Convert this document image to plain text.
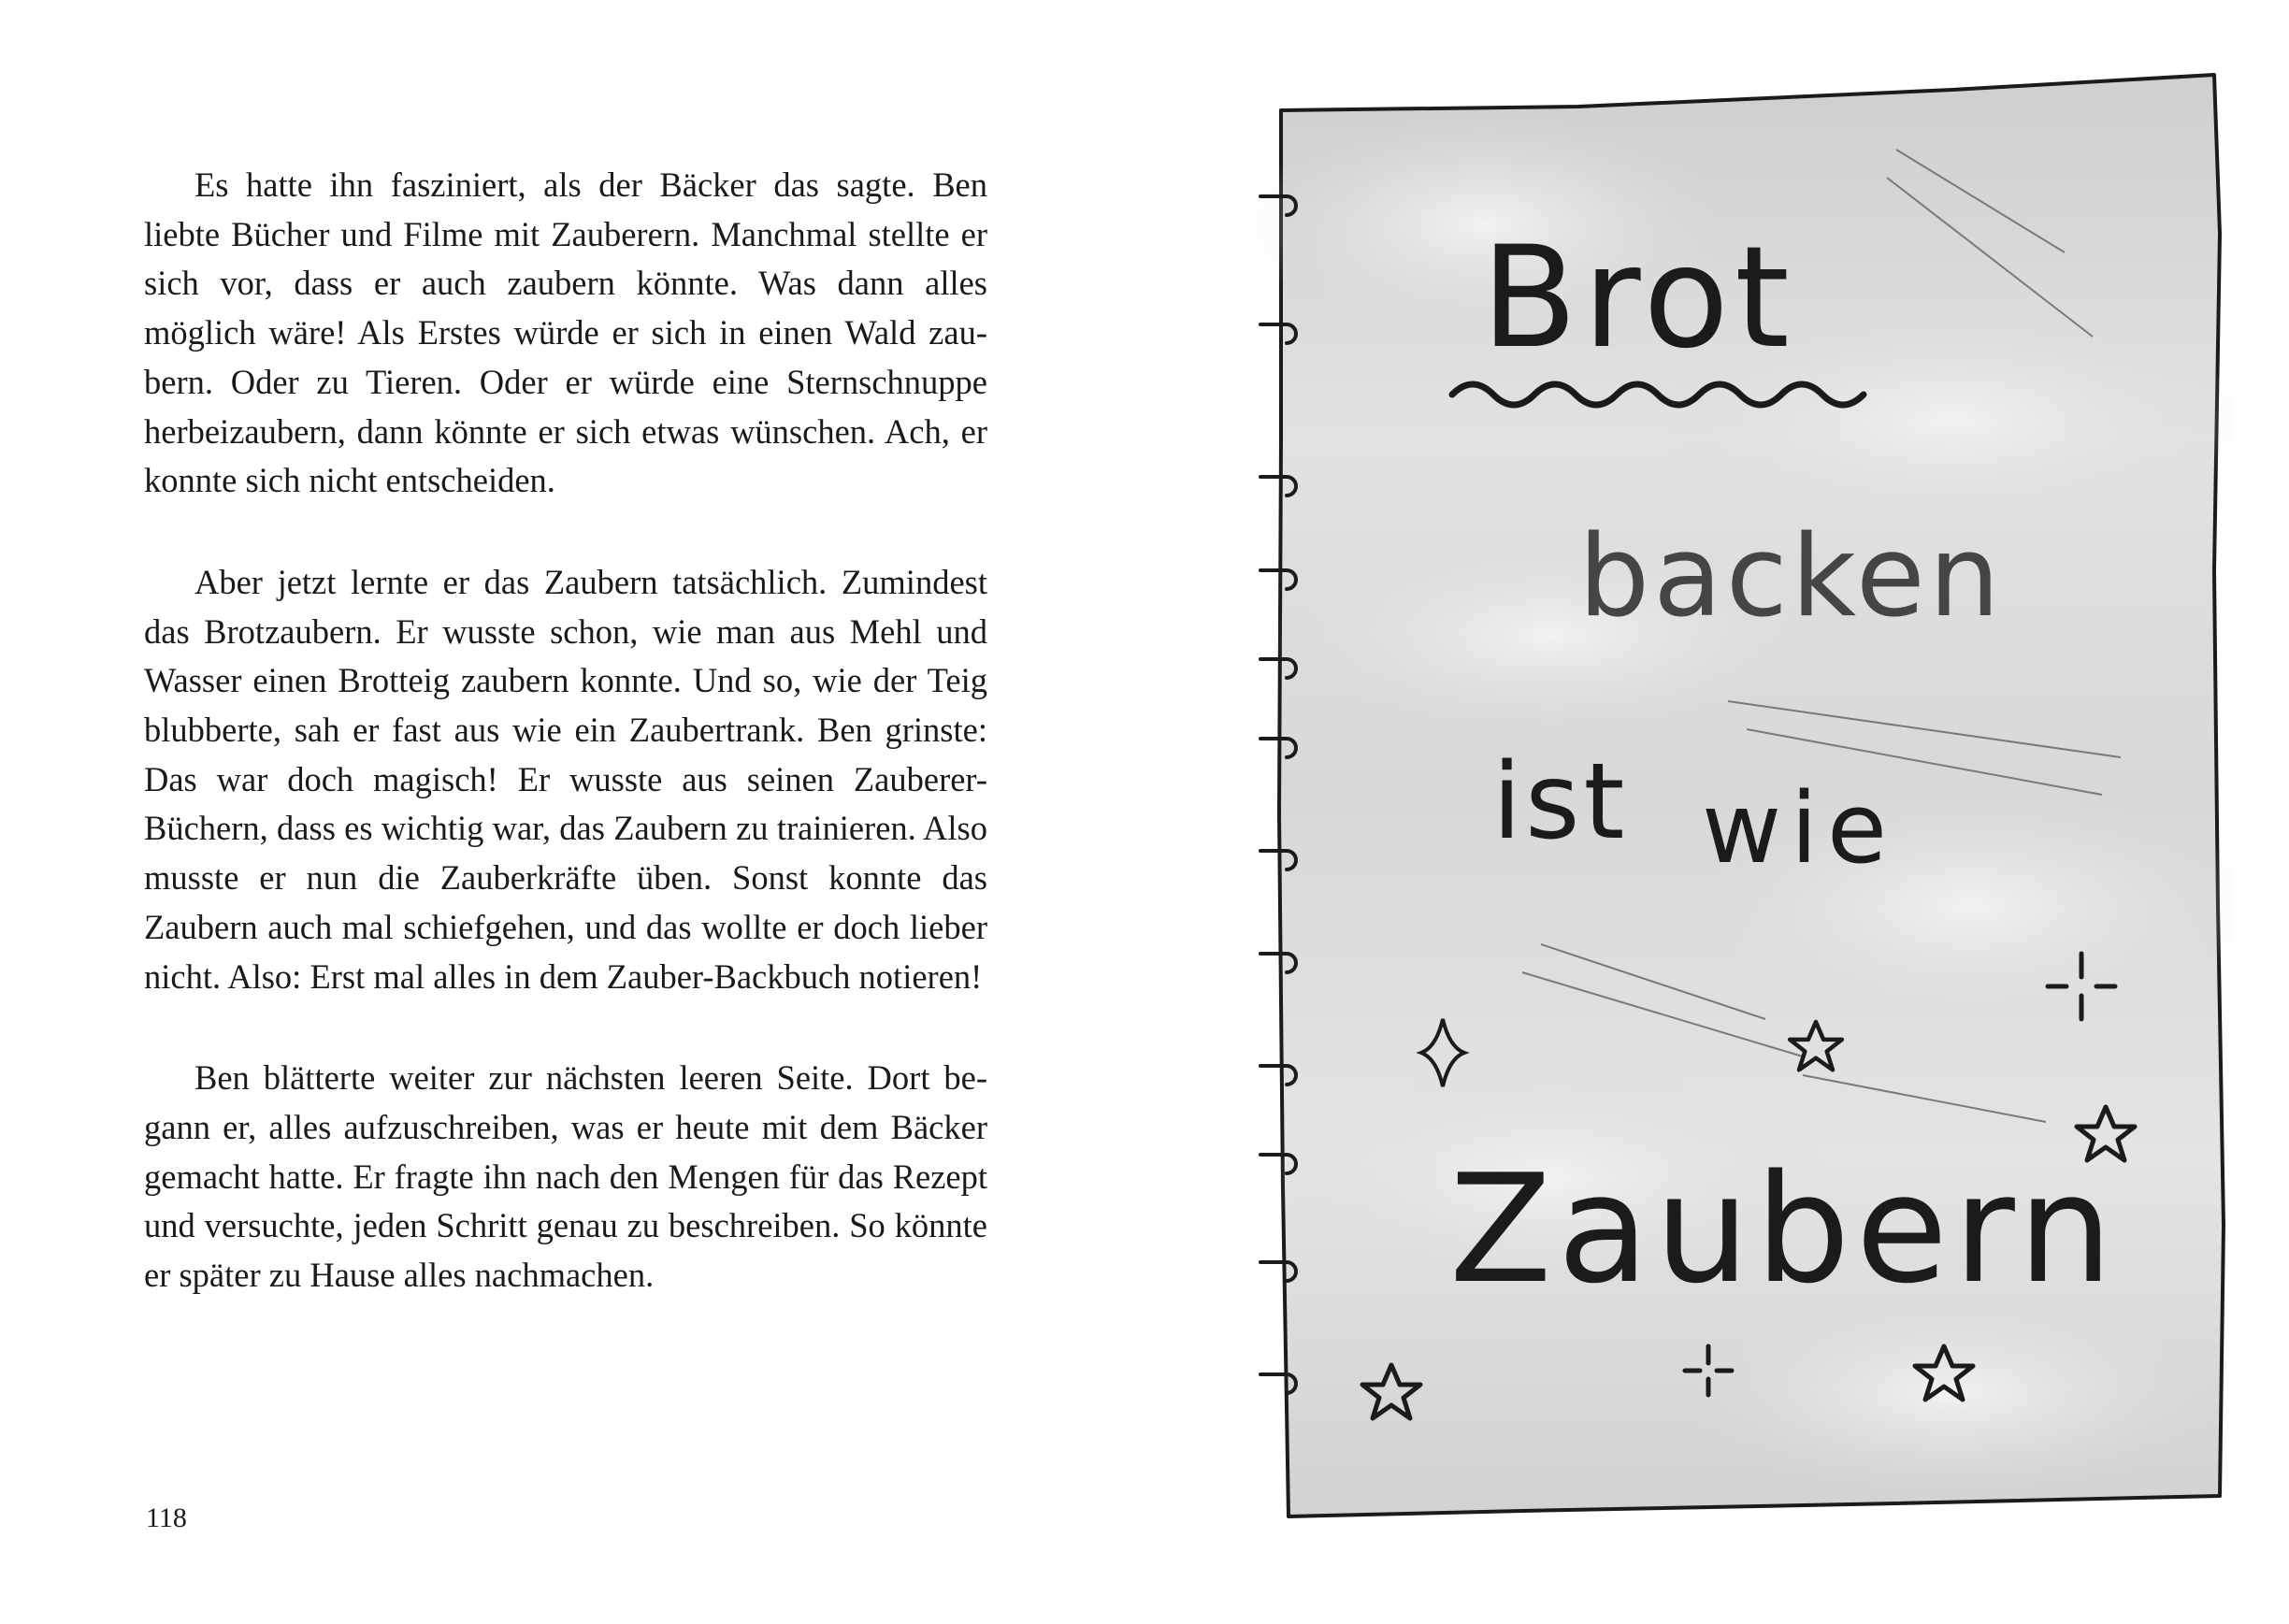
Es hatte ihn fasziniert, als der Bäcker das sagte. Ben liebte Bücher und Filme mit Zauberern. Manchmal stellte er sich vor, dass er auch zaubern könnte. Was dann alles möglich wäre! Als Erstes würde er sich in einen Wald zaubern. Oder zu Tieren. Oder er würde eine Sternschnuppe herbeizaubern, dann könnte er sich etwas wünschen. Ach, er konnte sich nicht entscheiden.

Aber jetzt lernte er das Zaubern tatsächlich. Zumindest das Brotzaubern. Er wusste schon, wie man aus Mehl und Wasser einen Brotteig zaubern konnte. Und so, wie der Teig blubberte, sah er fast aus wie ein Zaubertrank. Ben grinste: Das war doch magisch! Er wusste aus seinen Zauberer-Büchern, dass es wichtig war, das Zaubern zu trainieren. Also musste er nun die Zauberkräfte üben. Sonst konnte das Zaubern auch mal schiefgehen, und das wollte er doch lieber nicht. Also: Erst mal alles in dem Zauber-Backbuch notieren!

Ben blätterte weiter zur nächsten leeren Seite. Dort begann er, alles aufzuschreiben, was er heute mit dem Bäcker gemacht hatte. Er fragte ihn nach den Mengen für das Rezept und versuchte, jeden Schritt genau zu beschreiben. So könnte er später zu Hause alles nachmachen.

118
Brot
backen
ist wie
Zaubern
